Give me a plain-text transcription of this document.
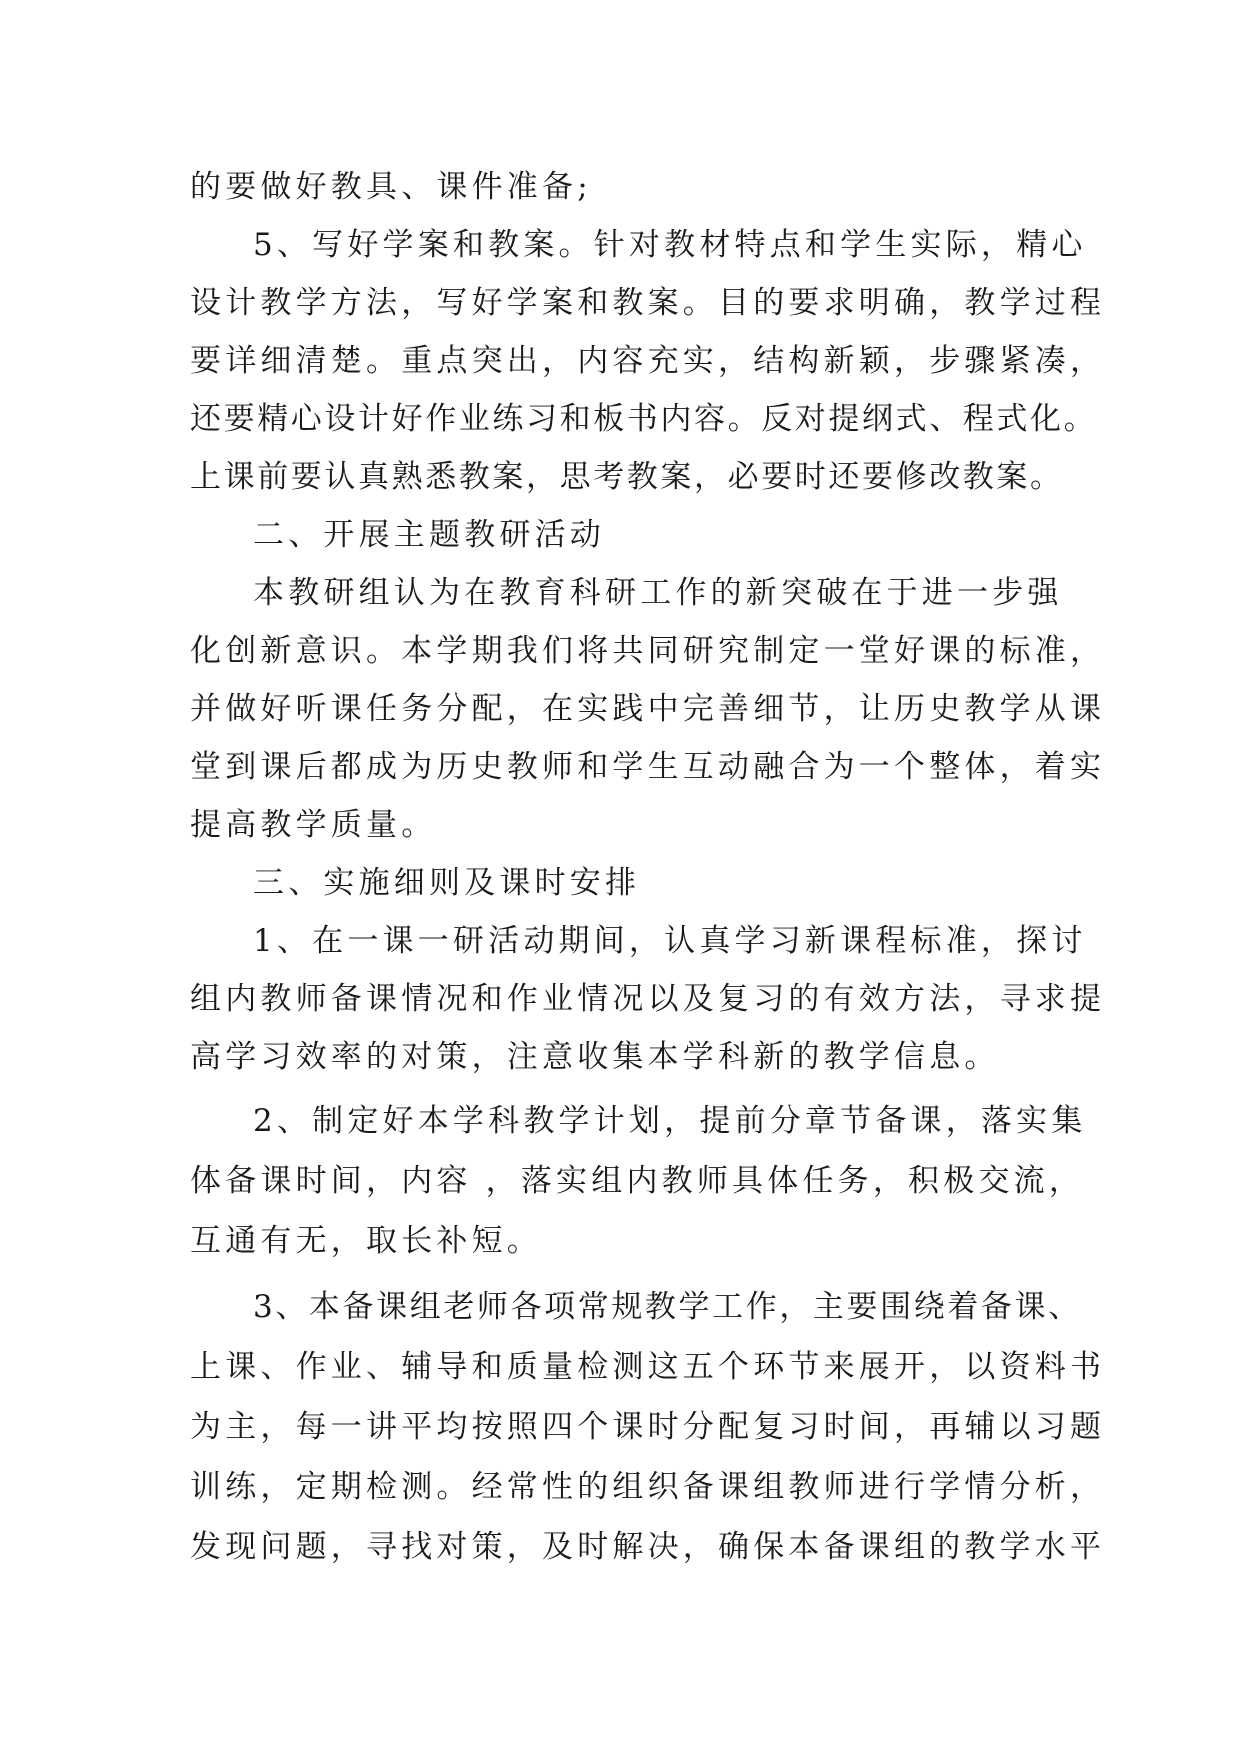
的要做好教具、课件准备;
5、写好学案和教案。针对教材特点和学生实际，精心
设计教学方法，写好学案和教案。目的要求明确，教学过程
要详细清楚。重点突出，内容充实，结构新颖，步骤紧凑，
还要精心设计好作业练习和板书内容。反对提纲式、程式化。
上课前要认真熟悉教案，思考教案，必要时还要修改教案。
二、开展主题教研活动
本教研组认为在教育科研工作的新突破在于进一步强
化创新意识。本学期我们将共同研究制定一堂好课的标准，
并做好听课任务分配，在实践中完善细节，让历史教学从课
堂到课后都成为历史教师和学生互动融合为一个整体，着实
提高教学质量。
三、实施细则及课时安排
1、在一课一研活动期间，认真学习新课程标准，探讨
组内教师备课情况和作业情况以及复习的有效方法，寻求提
高学习效率的对策，注意收集本学科新的教学信息。
2、制定好本学科教学计划，提前分章节备课，落实集
体备课时间，内容 ，落实组内教师具体任务，积极交流，
互通有无，取长补短。
3、本备课组老师各项常规教学工作，主要围绕着备课、
上课、作业、辅导和质量检测这五个环节来展开，以资料书
为主，每一讲平均按照四个课时分配复习时间，再辅以习题
训练，定期检测。经常性的组织备课组教师进行学情分析，
发现问题，寻找对策，及时解决，确保本备课组的教学水平
